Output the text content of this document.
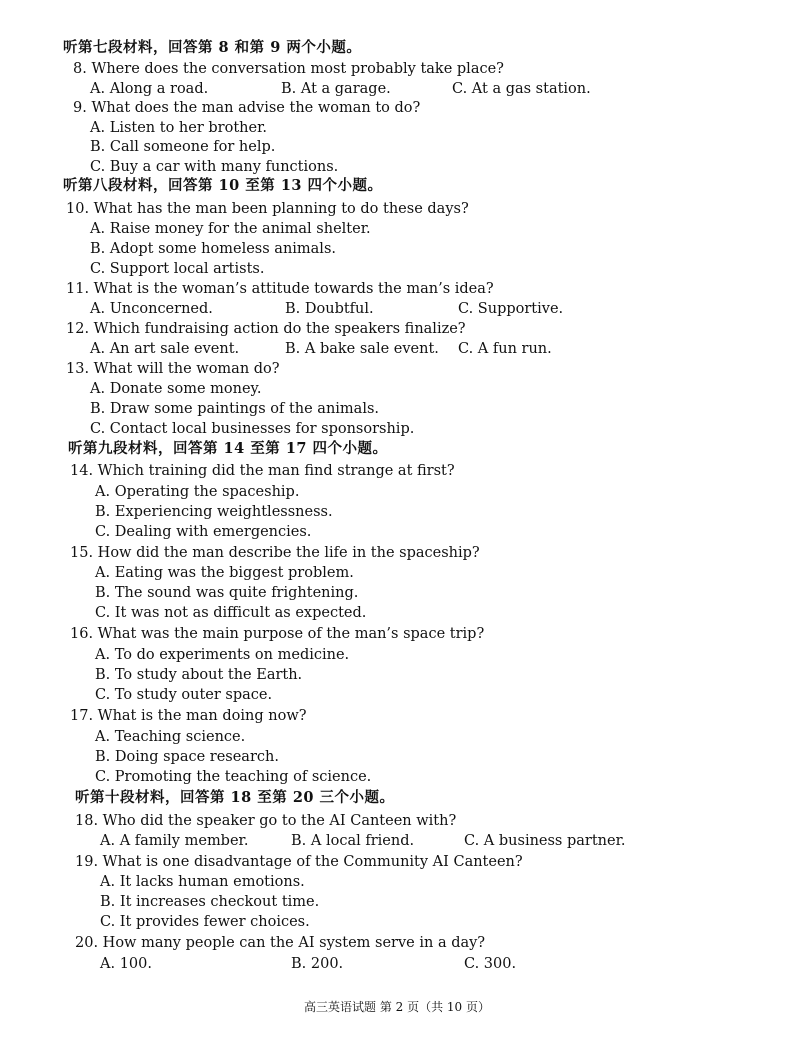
听第七段材料，回答第 8 和第 9 两个小题。
8. Where does the conversation most probably take place?
A. Along a road.	B. At a garage.	C. At a gas station.
9. What does the man advise the woman to do?
A. Listen to her brother.
B. Call someone for help.
C. Buy a car with many functions.
听第八段材料，回答第 10 至第 13 四个小题。
10. What has the man been planning to do these days?
A. Raise money for the animal shelter.
B. Adopt some homeless animals.
C. Support local artists.
11. What is the woman’s attitude towards the man’s idea?
A. Unconcerned.	B. Doubtful.	C. Supportive.
12. Which fundraising action do the speakers finalize?
A. An art sale event.	B. A bake sale event. C. A fun run.
13. What will the woman do?
A. Donate some money.
B. Draw some paintings of the animals.
C. Contact local businesses for sponsorship.
听第九段材料，回答第 14 至第 17 四个小题。
14. Which training did the man find strange at first?
A. Operating the spaceship.
B. Experiencing weightlessness.
C. Dealing with emergencies.
15. How did the man describe the life in the spaceship?
A. Eating was the biggest problem.
B. The sound was quite frightening.
C. It was not as difficult as expected.
16. What was the main purpose of the man’s space trip?
A. To do experiments on medicine.
B. To study about the Earth.
C. To study outer space.
17. What is the man doing now?
A. Teaching science.
B. Doing space research.
C. Promoting the teaching of science.
听第十段材料，回答第 18 至第 20 三个小题。
18. Who did the speaker go to the AI Canteen with?
A. A family member.	B. A local friend.	C. A business partner.
19. What is one disadvantage of the Community AI Canteen?
A. It lacks human emotions.
B. It increases checkout time.
C. It provides fewer choices.
20. How many people can the AI system serve in a day?
A. 100.	B. 200.	C. 300.
高三英语试题 第 2 页（共 10 页）
